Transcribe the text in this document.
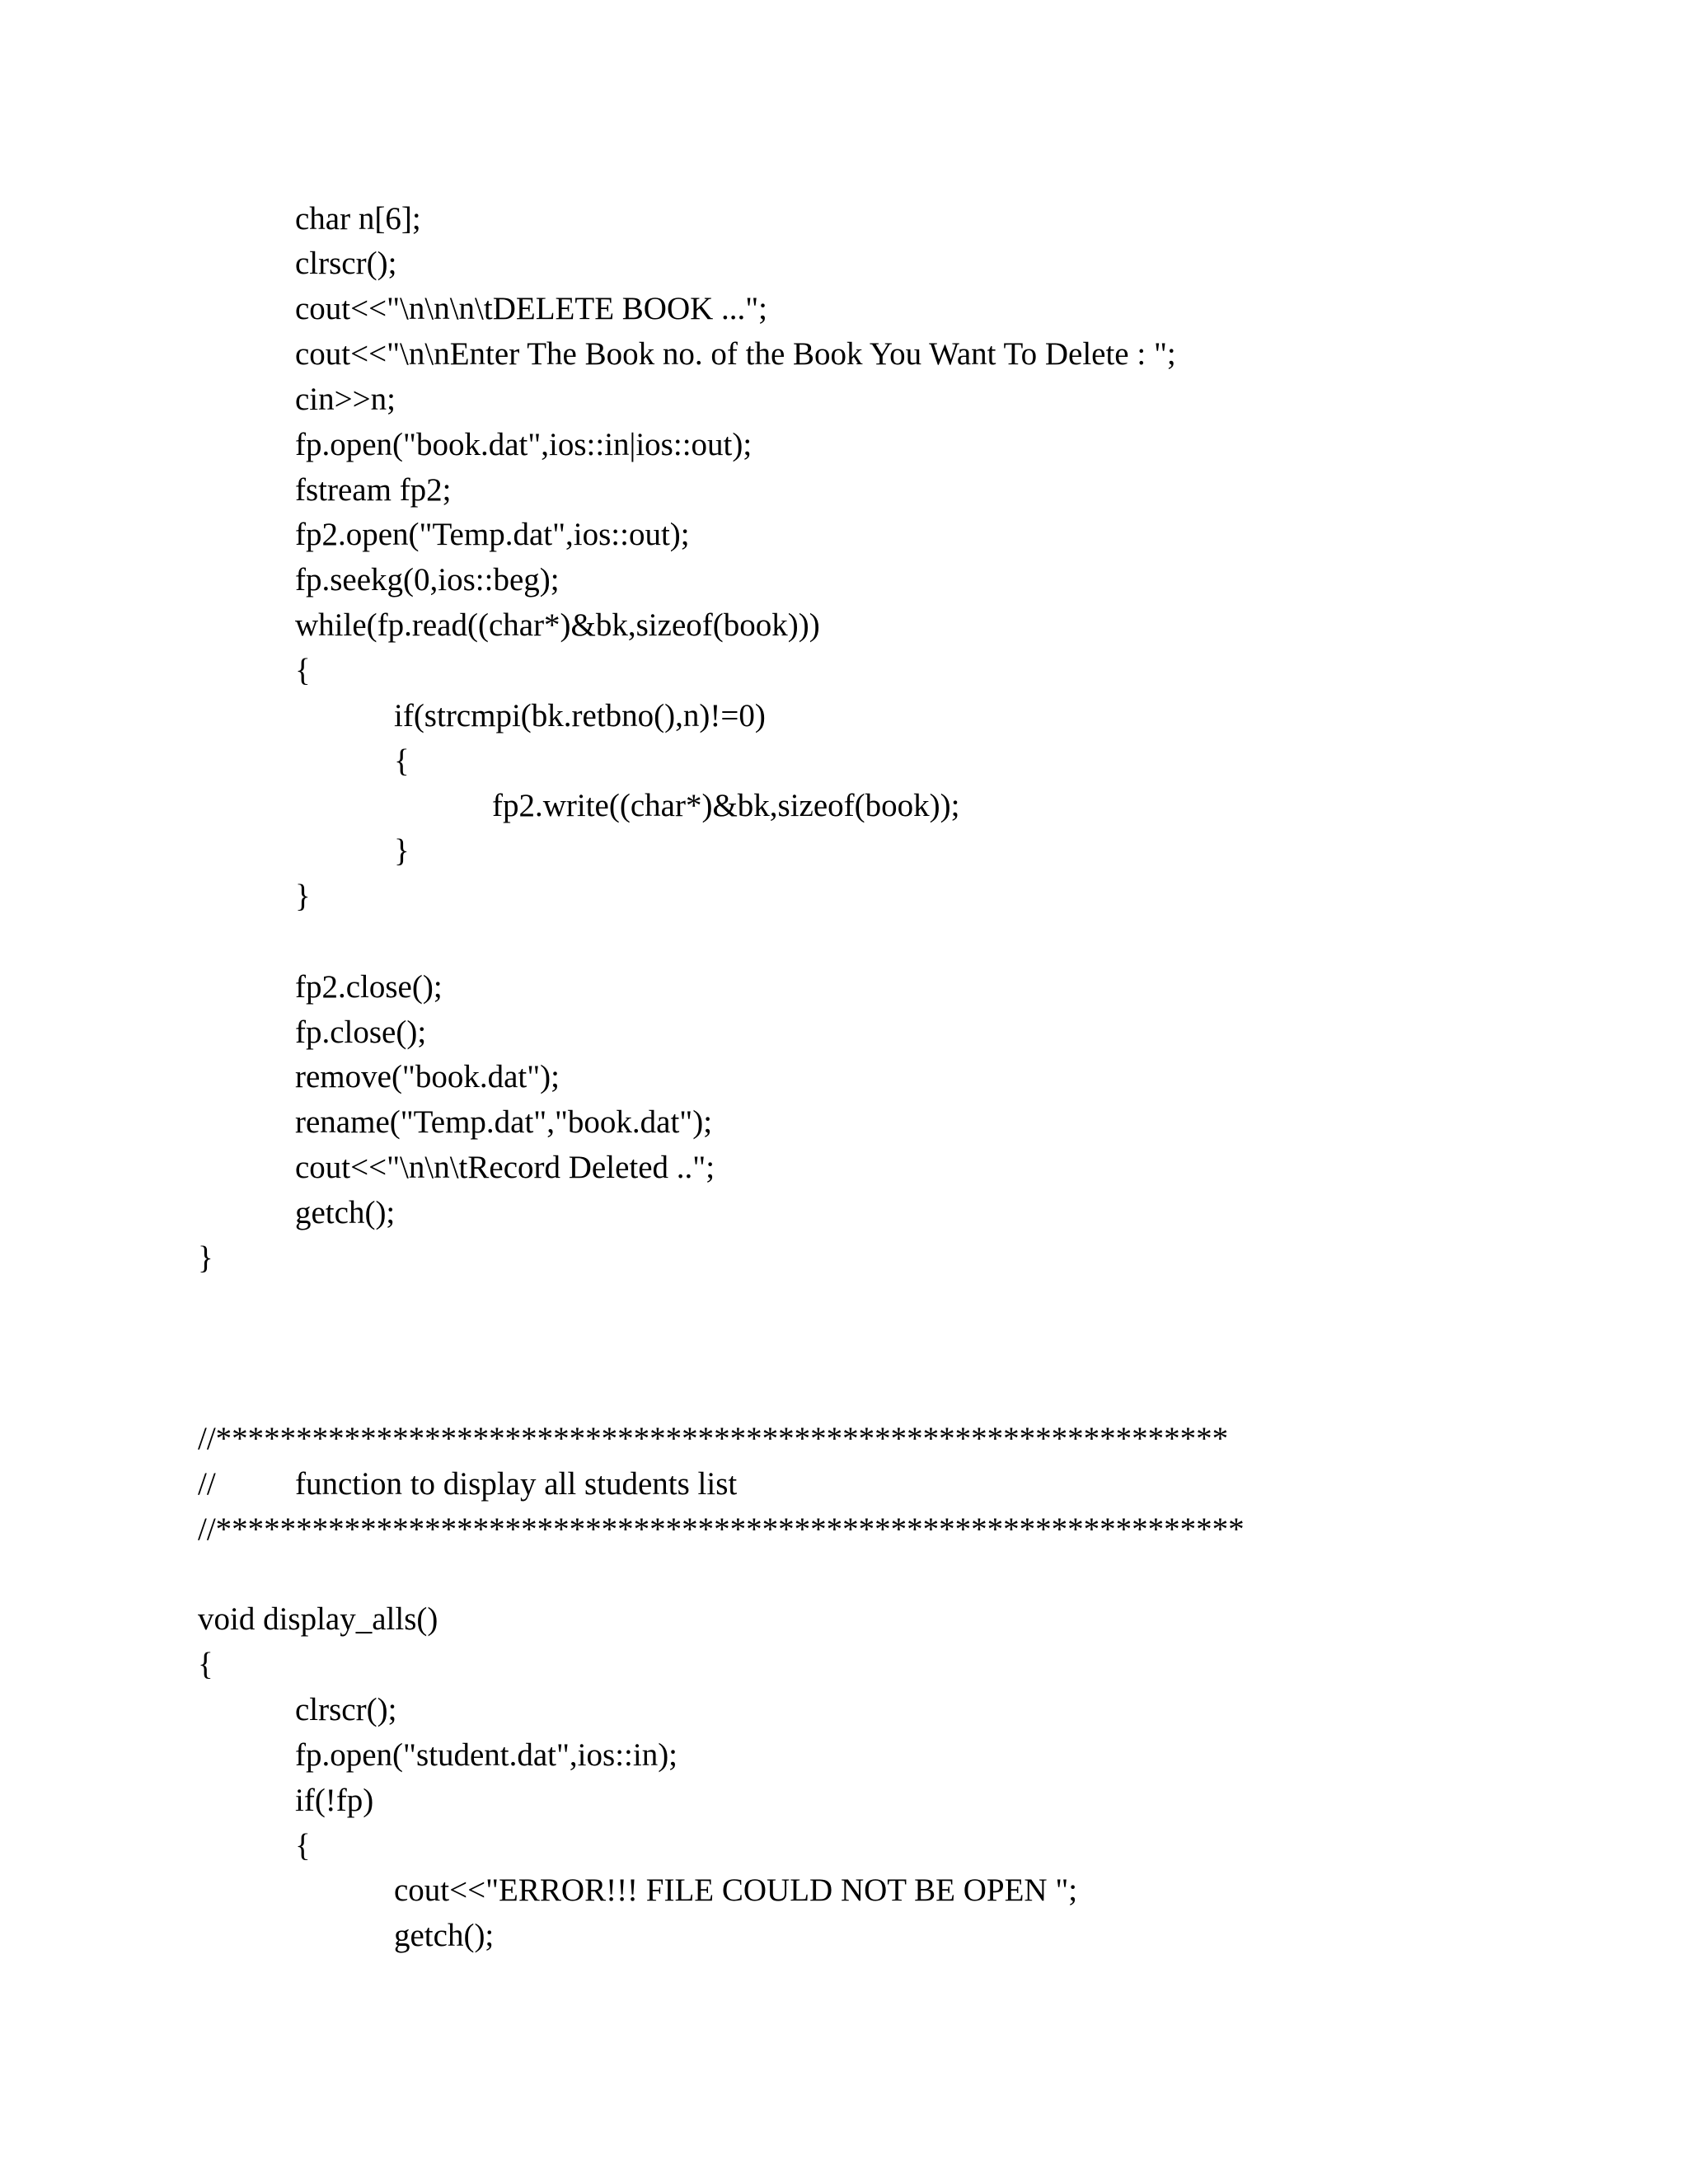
char n[6];
clrscr();
cout<<"\n\n\n\tDELETE BOOK ...";
cout<<"\n\nEnter The Book no. of the Book You Want To Delete : ";
cin>>n;
fp.open("book.dat",ios::in|ios::out);
fstream fp2;
fp2.open("Temp.dat",ios::out);
fp.seekg(0,ios::beg);
while(fp.read((char*)&bk,sizeof(book)))
{
if(strcmpi(bk.retbno(),n)!=0)
{
fp2.write((char*)&bk,sizeof(book));
}
}
fp2.close();
fp.close();
remove("book.dat");
rename("Temp.dat","book.dat");
cout<<"\n\n\tRecord Deleted ..";
getch();
}
//***************************************************************
// function to display all students list
//****************************************************************
void display_alls()
{
clrscr();
fp.open("student.dat",ios::in);
if(!fp)
{
cout<<"ERROR!!! FILE COULD NOT BE OPEN ";
getch();
